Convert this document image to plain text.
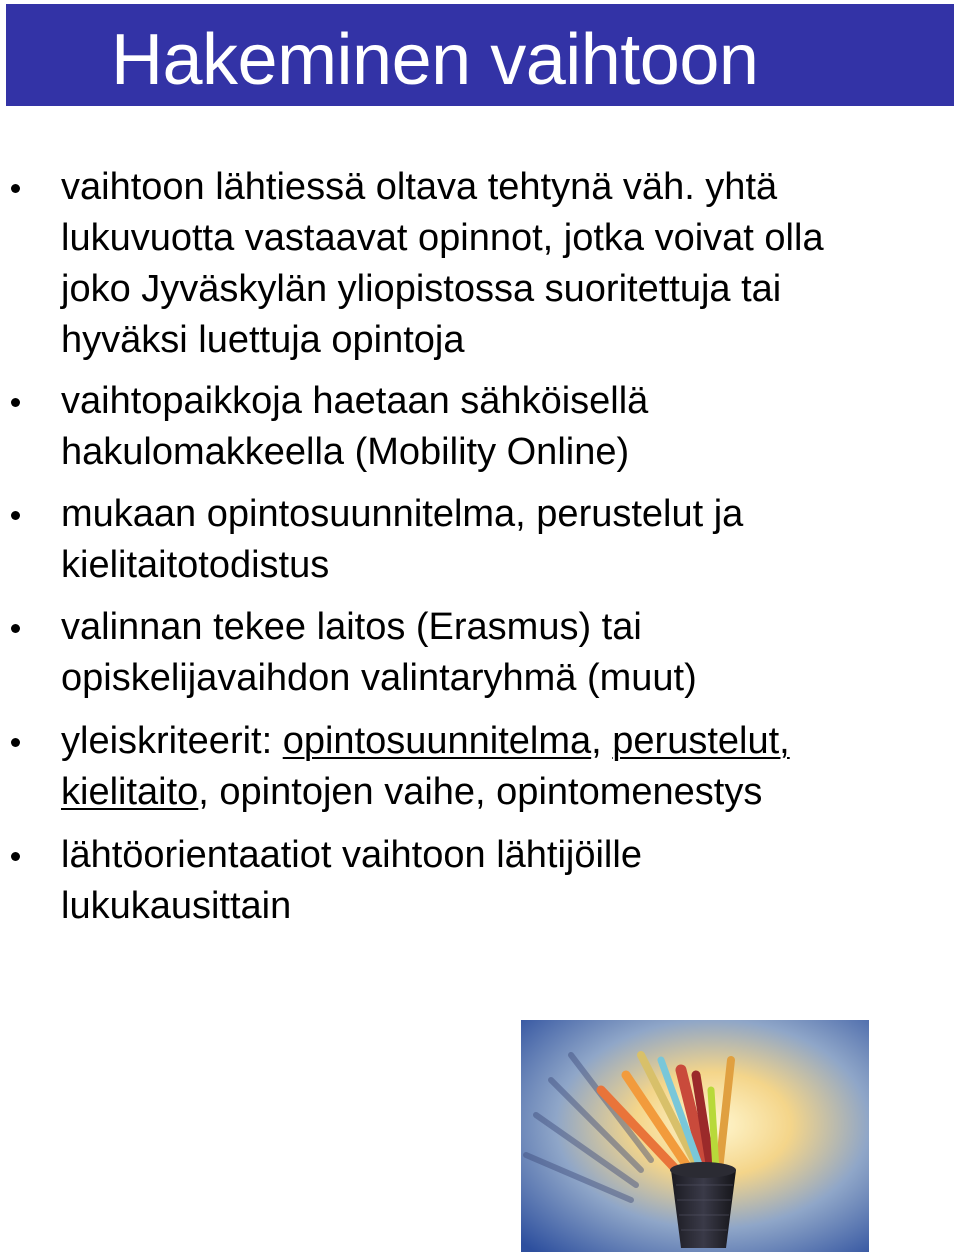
Hakeminen vaihtoon
vaihtoon lähtiessä oltava tehtynä väh. yhtä
lukuvuotta vastaavat opinnot, jotka voivat olla
joko Jyväskylän yliopistossa suoritettuja tai
hyväksi luettuja opintoja
vaihtopaikkoja haetaan sähköisellä
hakulomakkeella (Mobility Online)
mukaan opintosuunnitelma, perustelut ja
kielitaitotodistus
valinnan tekee laitos (Erasmus) tai
opiskelijavaihdon valintaryhmä (muut)
yleiskriteerit: opintosuunnitelma, perustelut,
kielitaito, opintojen vaihe, opintomenestys
lähtöorientaatiot vaihtoon lähtijöille
lukukausittain
